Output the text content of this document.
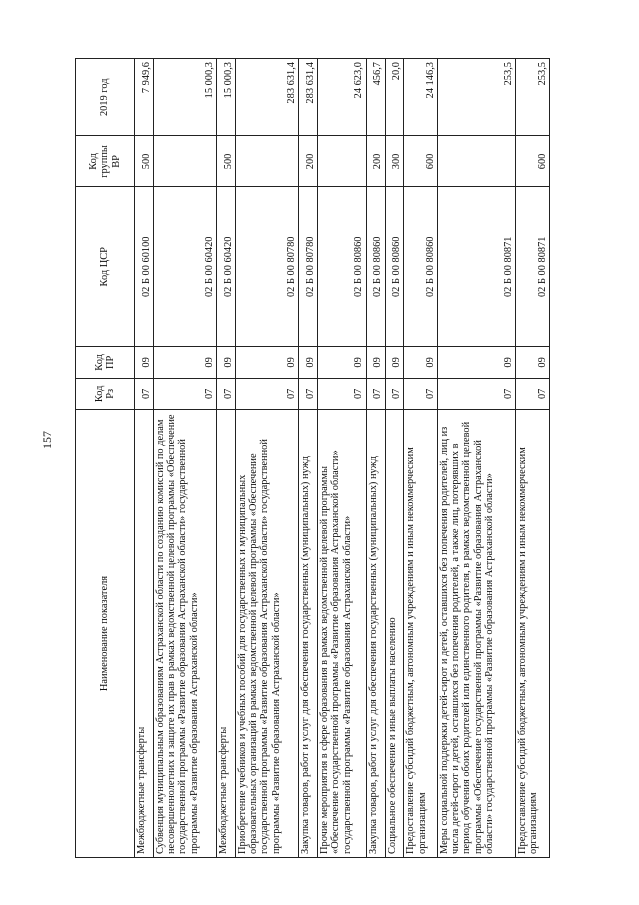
157
Наименование показателя	Код Рз	Код ПР	Код ЦСР	Код группы ВР	2019 год
Межбюджетные трансферты	07	09	02 Б 00 60100	500	7 949,6
Субвенция муниципальным образованиям Астраханской области по созданию комиссий по делам несовершеннолетних и защите их прав в рамках ведомственной целевой программы «Обеспечение государственной программы «Развитие образования Астраханской области» государственной программы «Развитие образования Астраханской области»	07	09	02 Б 00 60420		15 000,3
Межбюджетные трансферты	07	09	02 Б 00 60420	500	15 000,3
Приобретение учебников и учебных пособий для государственных и муниципальных образовательных организаций в рамках ведомственной целевой программы «Обеспечение государственной программы «Развитие образования Астраханской области» государственной программы «Развитие образования Астраханской области»	07	09	02 Б 00 80780		283 631,4
Закупка товаров, работ и услуг для обеспечения государственных (муниципальных) нужд	07	09	02 Б 00 80780	200	283 631,4
Прочие мероприятия в сфере образования в рамках ведомственной целевой программы «Обеспечение государственной программы «Развитие образования Астраханской области» государственной программы «Развитие образования Астраханской области»	07	09	02 Б 00 80860		24 623,0
Закупка товаров, работ и услуг для обеспечения государственных (муниципальных) нужд	07	09	02 Б 00 80860	200	456,7
Социальное обеспечение и иные выплаты населению	07	09	02 Б 00 80860	300	20,0
Предоставление субсидий бюджетным, автономным учреждениям и иным некоммерческим организациям	07	09	02 Б 00 80860	600	24 146,3
Меры социальной поддержки детей-сирот и детей, оставшихся без попечения родителей, лиц из числа детей-сирот и детей, оставшихся без попечения родителей, а также лиц, потерявших в период обучения обоих родителей или единственного родителя, в рамках ведомственной целевой программы «Обеспечение государственной программы «Развитие образования Астраханской области» государственной программы «Развитие образования Астраханской области»	07	09	02 Б 00 80871		253,5
Предоставление субсидий бюджетным, автономным учреждениям и иным некоммерческим организациям	07	09	02 Б 00 80871	600	253,5
